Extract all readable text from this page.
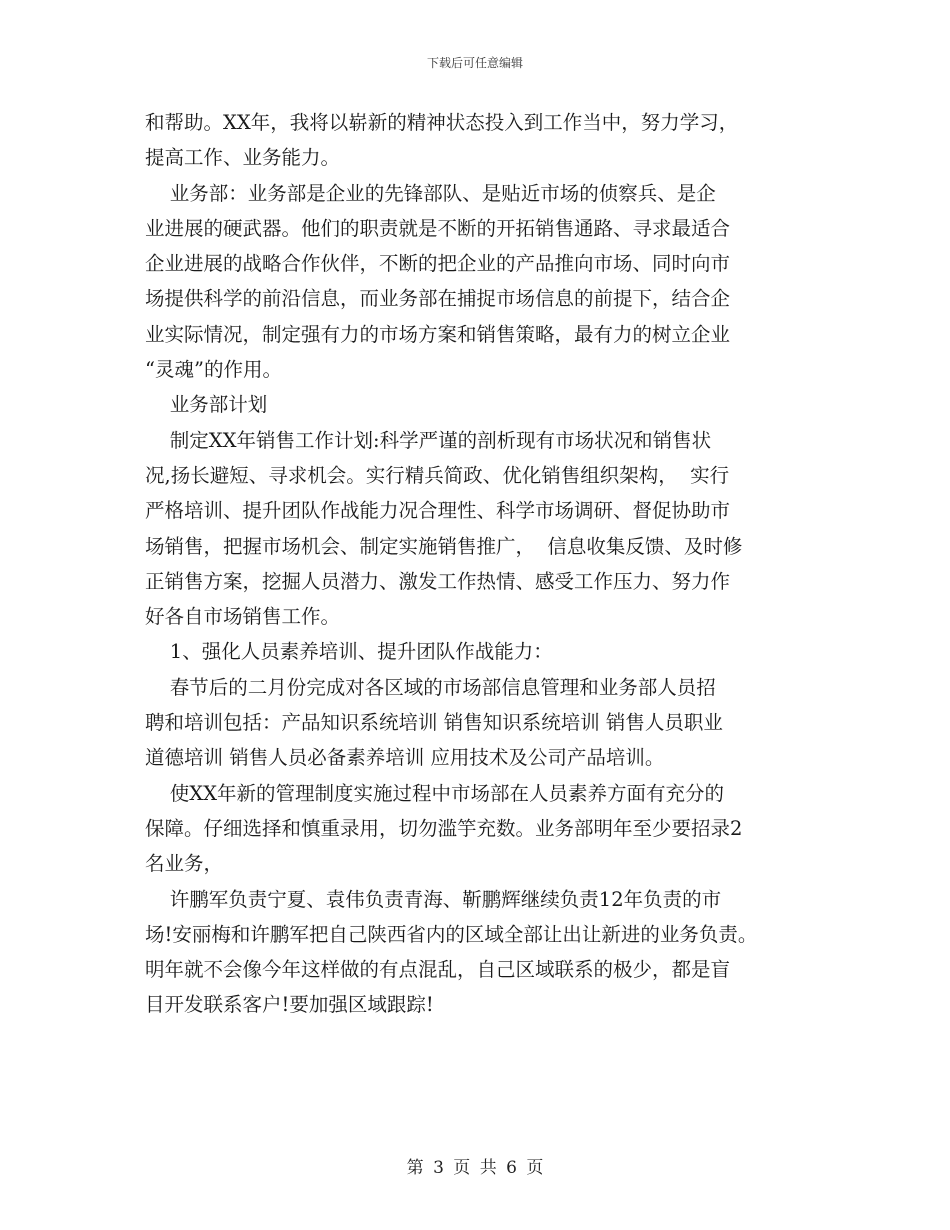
下载后可任意编辑
和帮助。XX年，我将以崭新的精神状态投入到工作当中，努力学习，
提高工作、业务能力。
业务部：业务部是企业的先锋部队、是贴近市场的侦察兵、是企
业进展的硬武器。他们的职责就是不断的开拓销售通路、寻求最适合
企业进展的战略合作伙伴，不断的把企业的产品推向市场、同时向市
场提供科学的前沿信息，而业务部在捕捉市场信息的前提下，结合企
业实际情况，制定强有力的市场方案和销售策略，最有力的树立企业
“灵魂”的作用。
业务部计划
制定XX年销售工作计划:科学严谨的剖析现有市场状况和销售状
况,扬长避短、寻求机会。实行精兵简政、优化销售组织架构，  实行
严格培训、提升团队作战能力况合理性、科学市场调研、督促协助市
场销售，把握市场机会、制定实施销售推广，  信息收集反馈、及时修
正销售方案，挖掘人员潜力、激发工作热情、感受工作压力、努力作
好各自市场销售工作。
1、强化人员素养培训、提升团队作战能力：
春节后的二月份完成对各区域的市场部信息管理和业务部人员招
聘和培训包括：产品知识系统培训 销售知识系统培训 销售人员职业
道德培训 销售人员必备素养培训 应用技术及公司产品培训。
使XX年新的管理制度实施过程中市场部在人员素养方面有充分的
保障。仔细选择和慎重录用，切勿滥竽充数。业务部明年至少要招录2
名业务，
许鹏军负责宁夏、袁伟负责青海、靳鹏辉继续负责12年负责的市
场!安丽梅和许鹏军把自己陕西省内的区域全部让出让新进的业务负责。
明年就不会像今年这样做的有点混乱，自己区域联系的极少，都是盲
目开发联系客户!要加强区域跟踪!
第 3 页 共 6 页
